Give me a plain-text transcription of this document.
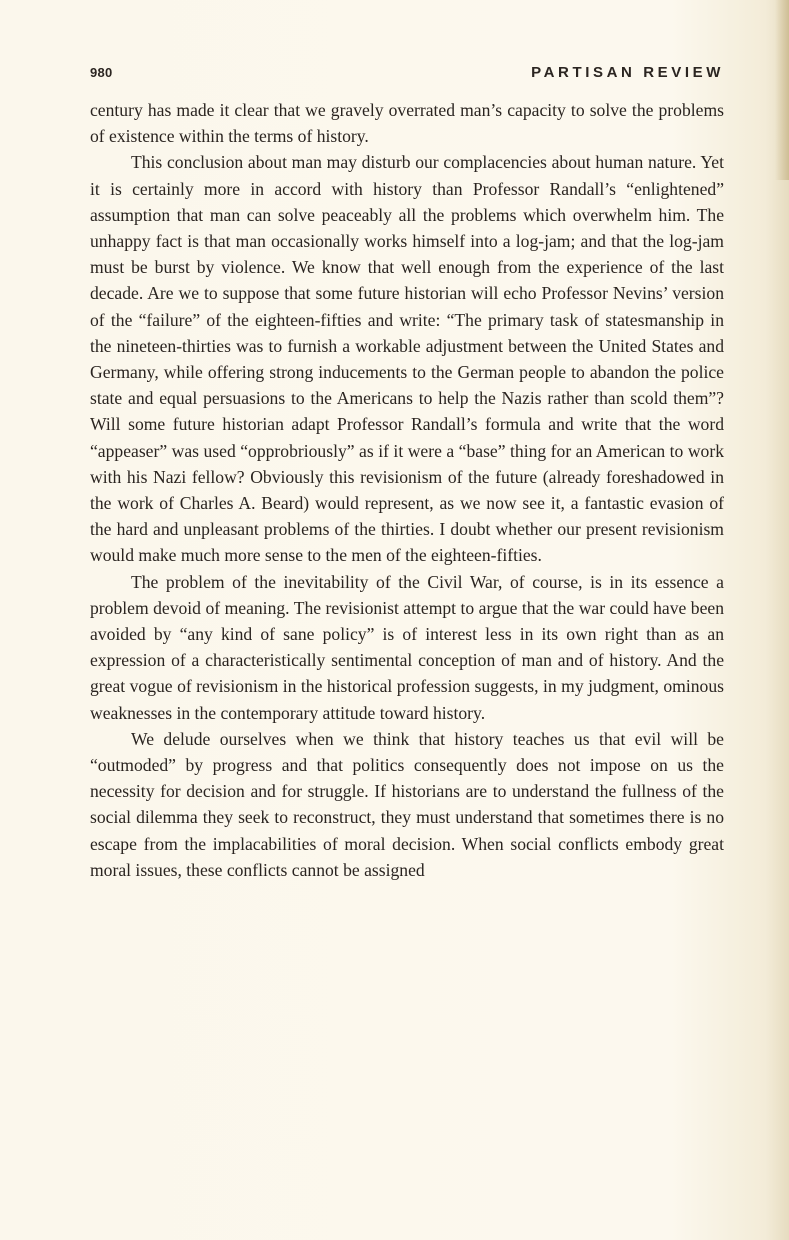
980	PARTISAN REVIEW

century has made it clear that we gravely overrated man’s capacity to solve the problems of existence within the terms of history.

This conclusion about man may disturb our complacencies about human nature. Yet it is certainly more in accord with history than Professor Randall’s “enlightened” assumption that man can solve peaceably all the problems which overwhelm him. The unhappy fact is that man occasionally works himself into a log-jam; and that the log-jam must be burst by violence. We know that well enough from the experience of the last decade. Are we to suppose that some future historian will echo Professor Nevins’ version of the “failure” of the eighteen-fifties and write: “The primary task of statesmanship in the nineteen-thirties was to furnish a workable adjustment between the United States and Germany, while offering strong inducements to the German people to abandon the police state and equal persuasions to the Americans to help the Nazis rather than scold them”? Will some future historian adapt Professor Randall’s formula and write that the word “appeaser” was used “opprobriously” as if it were a “base” thing for an American to work with his Nazi fellow? Obviously this revisionism of the future (already foreshadowed in the work of Charles A. Beard) would represent, as we now see it, a fantastic evasion of the hard and unpleasant problems of the thirties. I doubt whether our present revisionism would make much more sense to the men of the eighteen-fifties.

The problem of the inevitability of the Civil War, of course, is in its essence a problem devoid of meaning. The revisionist attempt to argue that the war could have been avoided by “any kind of sane policy” is of interest less in its own right than as an expression of a characteristically sentimental conception of man and of history. And the great vogue of revisionism in the historical profession suggests, in my judgment, ominous weaknesses in the contemporary attitude toward history.

We delude ourselves when we think that history teaches us that evil will be “outmoded” by progress and that politics consequently does not impose on us the necessity for decision and for struggle. If historians are to understand the fullness of the social dilemma they seek to reconstruct, they must understand that sometimes there is no escape from the implacabilities of moral decision. When social conflicts embody great moral issues, these conflicts cannot be assigned
